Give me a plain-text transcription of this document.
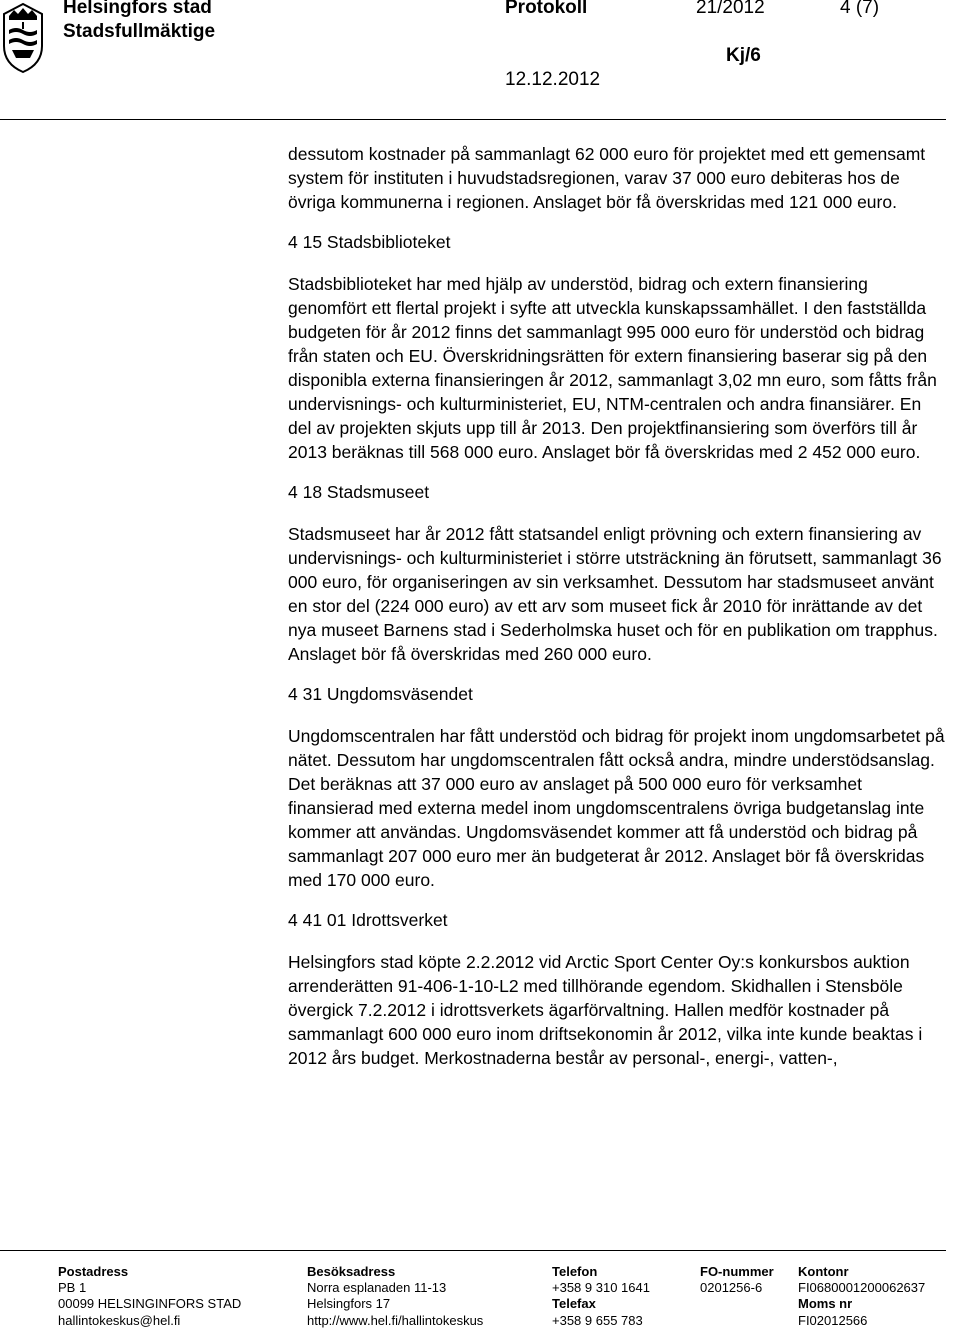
Helsingfors stad
Stadsfullmäktige
Protokoll	21/2012	4 (7)
Kj/6
12.12.2012

dessutom kostnader på sammanlagt 62 000 euro för projektet med ett gemensamt system för instituten i huvudstadsregionen, varav 37 000 euro debiteras hos de övriga kommunerna i regionen. Anslaget bör få överskridas med 121 000 euro.

4 15 Stadsbiblioteket

Stadsbiblioteket har med hjälp av understöd, bidrag och extern finansiering genomfört ett flertal projekt i syfte att utveckla kunskapssamhället. I den fastställda budgeten för år 2012 finns det sammanlagt 995 000 euro för understöd och bidrag från staten och EU. Överskridningsrätten för extern finansiering baserar sig på den disponibla externa finansieringen år 2012, sammanlagt 3,02 mn euro, som fåtts från undervisnings- och kulturministeriet, EU, NTM-centralen och andra finansiärer. En del av projekten skjuts upp till år 2013. Den projektfinansiering som överförs till år 2013 beräknas till 568 000 euro. Anslaget bör få överskridas med 2 452 000 euro.

4 18 Stadsmuseet

Stadsmuseet har år 2012 fått statsandel enligt prövning och extern finansiering av undervisnings- och kulturministeriet i större utsträckning än förutsett, sammanlagt 36 000 euro, för organiseringen av sin verksamhet. Dessutom har stadsmuseet använt en stor del (224 000 euro) av ett arv som museet fick år 2010 för inrättande av det nya museet Barnens stad i Sederholmska huset och för en publikation om trapphus. Anslaget bör få överskridas med 260 000 euro.

4 31 Ungdomsväsendet

Ungdomscentralen har fått understöd och bidrag för projekt inom ungdomsarbetet på nätet. Dessutom har ungdomscentralen fått också andra, mindre understödsanslag. Det beräknas att 37 000 euro av anslaget på 500 000 euro för verksamhet finansierad med externa medel inom ungdomscentralens övriga budgetanslag inte kommer att användas. Ungdomsväsendet kommer att få understöd och bidrag på sammanlagt 207 000 euro mer än budgeterat år 2012. Anslaget bör få överskridas med 170 000 euro.

4 41 01 Idrottsverket

Helsingfors stad köpte 2.2.2012 vid Arctic Sport Center Oy:s konkursbos auktion arrenderätten 91-406-1-10-L2 med tillhörande egendom. Skidhallen i Stensböle övergick 7.2.2012 i idrottsverkets ägarförvaltning. Hallen medför kostnader på sammanlagt 600 000 euro inom driftsekonomin år 2012, vilka inte kunde beaktas i 2012 års budget. Merkostnaderna består av personal-, energi-, vatten-,

Postadress
PB 1
00099 HELSINGINFORS STAD
hallintokeskus@hel.fi
Besöksadress
Norra esplanaden 11-13
Helsingfors 17
http://www.hel.fi/hallintokeskus
Telefon
+358 9 310 1641
Telefax
+358 9 655 783
FO-nummer
0201256-6
Kontonr
FI0680001200062637
Moms nr
FI02012566
